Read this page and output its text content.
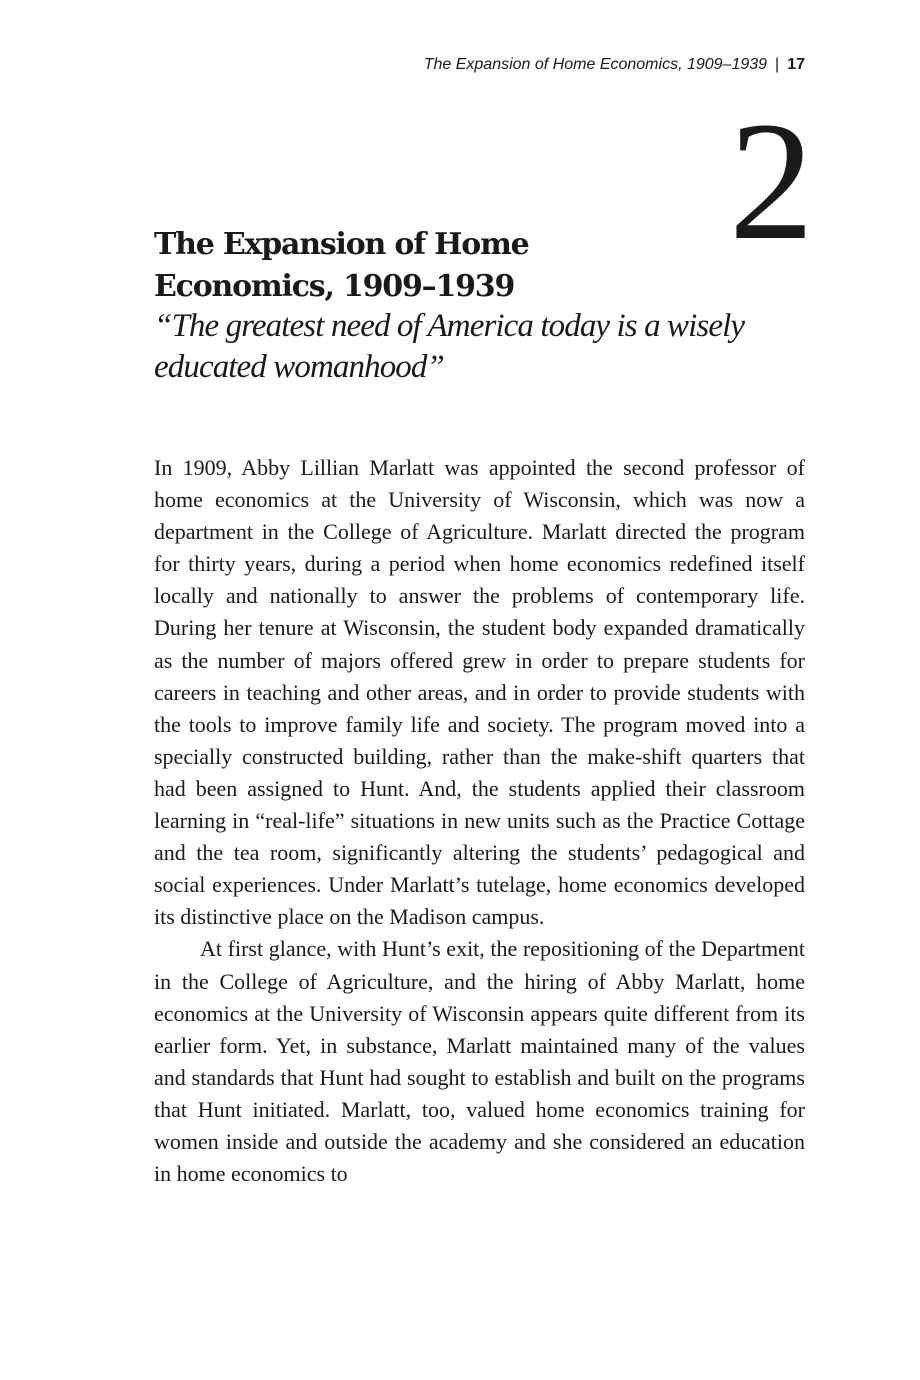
The Expansion of Home Economics, 1909–1939 | 17
2
The Expansion of Home Economics, 1909–1939

“The greatest need of America today is a wisely educated womanhood”

In 1909, Abby Lillian Marlatt was appointed the second professor of home economics at the University of Wisconsin, which was now a department in the College of Agriculture. Marlatt directed the program for thirty years, during a period when home economics redefined itself locally and nationally to answer the problems of contemporary life. During her tenure at Wisconsin, the student body expanded dramatically as the number of majors offered grew in order to prepare students for careers in teaching and other areas, and in order to provide students with the tools to improve family life and society. The program moved into a specially constructed building, rather than the make-shift quarters that had been assigned to Hunt. And, the students applied their classroom learning in “real-life” situations in new units such as the Practice Cottage and the tea room, significantly altering the students’ pedagogical and social experiences. Under Marlatt’s tutelage, home economics developed its distinctive place on the Madison campus.

At first glance, with Hunt’s exit, the repositioning of the Department in the College of Agriculture, and the hiring of Abby Marlatt, home economics at the University of Wisconsin appears quite different from its earlier form. Yet, in substance, Marlatt maintained many of the values and standards that Hunt had sought to establish and built on the programs that Hunt initiated. Marlatt, too, valued home economics training for women inside and outside the academy and she considered an education in home economics to
